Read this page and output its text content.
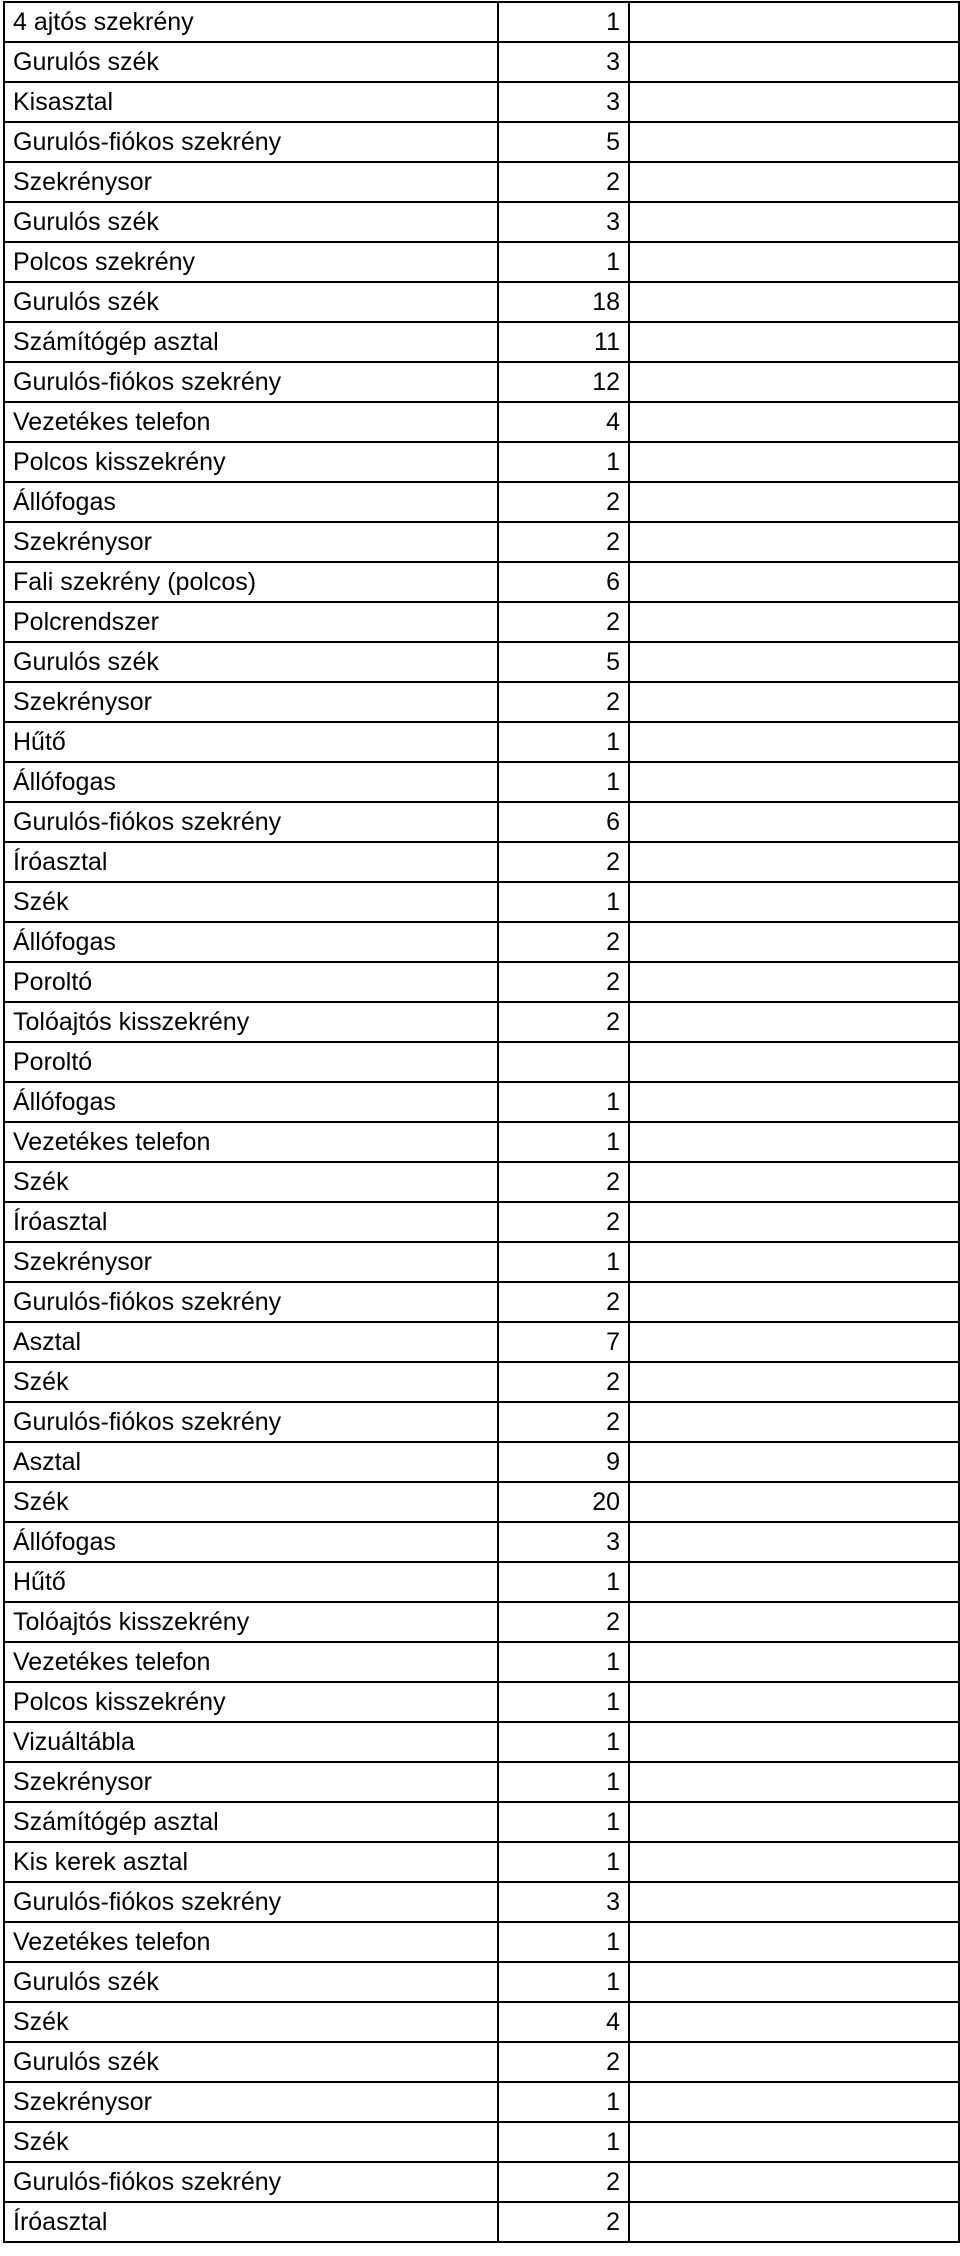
4 ajtós szekrény	1	
Gurulós szék	3	
Kisasztal	3	
Gurulós-fiókos szekrény	5	
Szekrénysor	2	
Gurulós szék	3	
Polcos szekrény	1	
Gurulós szék	18	
Számítógép asztal	11	
Gurulós-fiókos szekrény	12	
Vezetékes telefon	4	
Polcos kisszekrény	1	
Állófogas	2	
Szekrénysor	2	
Fali szekrény (polcos)	6	
Polcrendszer	2	
Gurulós szék	5	
Szekrénysor	2	
Hűtő	1	
Állófogas	1	
Gurulós-fiókos szekrény	6	
Íróasztal	2	
Szék	1	
Állófogas	2	
Poroltó	2	
Tolóajtós kisszekrény	2	
Poroltó		
Állófogas	1	
Vezetékes telefon	1	
Szék	2	
Íróasztal	2	
Szekrénysor	1	
Gurulós-fiókos szekrény	2	
Asztal	7	
Szék	2	
Gurulós-fiókos szekrény	2	
Asztal	9	
Szék	20	
Állófogas	3	
Hűtő	1	
Tolóajtós kisszekrény	2	
Vezetékes telefon	1	
Polcos kisszekrény	1	
Vizuáltábla	1	
Szekrénysor	1	
Számítógép asztal	1	
Kis kerek asztal	1	
Gurulós-fiókos szekrény	3	
Vezetékes telefon	1	
Gurulós szék	1	
Szék	4	
Gurulós szék	2	
Szekrénysor	1	
Szék	1	
Gurulós-fiókos szekrény	2	
Íróasztal	2	
